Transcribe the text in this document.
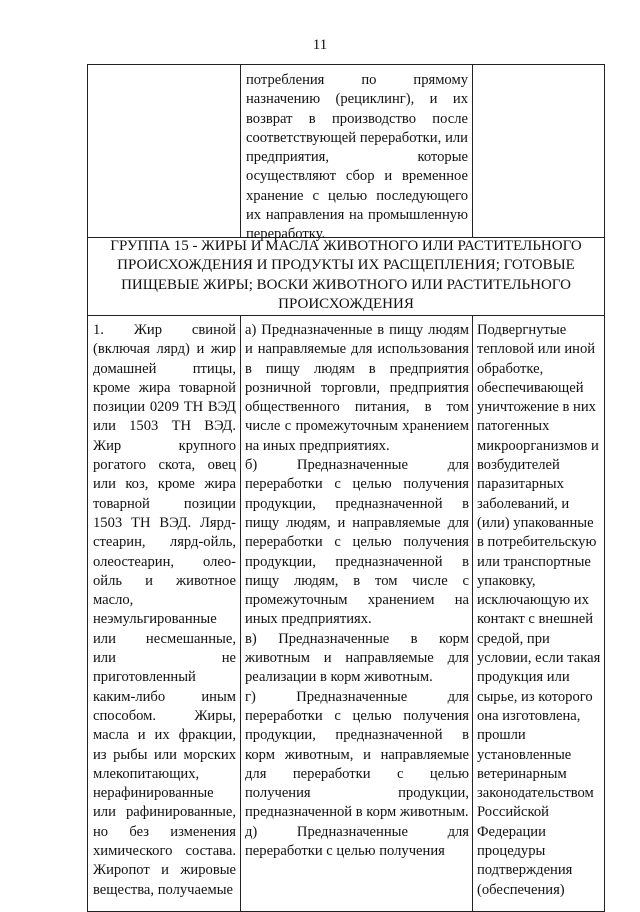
11
потребления по прямому назначению (рециклинг), и их возврат в производство после соответствующей переработки, или предприятия, которые осуществляют сбор и временное хранение с целью последующего их направления на промышленную переработку.
ГРУППА 15 - ЖИРЫ И МАСЛА ЖИВОТНОГО ИЛИ РАСТИТЕЛЬНОГО ПРОИСХОЖДЕНИЯ И ПРОДУКТЫ ИХ РАСЩЕПЛЕНИЯ; ГОТОВЫЕ ПИЩЕВЫЕ ЖИРЫ; ВОСКИ ЖИВОТНОГО ИЛИ РАСТИТЕЛЬНОГО ПРОИСХОЖДЕНИЯ
1. Жир свиной (включая лярд) и жир домашней птицы, кроме жира товарной позиции 0209 ТН ВЭД или 1503 ТН ВЭД. Жир крупного рогатого скота, овец или коз, кроме жира товарной позиции 1503 ТН ВЭД. Лярд-стеарин, лярд-ойль, олеостеарин, олео-ойль и животное масло, неэмульгированные или несмешанные, или не приготовленный каким-либо иным способом. Жиры, масла и их фракции, из рыбы или морских млекопитающих, нерафинированные или рафинированные, но без изменения химического состава. Жиропот и жировые вещества, получаемые
а) Предназначенные в пищу людям и направляемые для использования в пищу людям в предприятия розничной торговли, предприятия общественного питания, в том числе с промежуточным хранением на иных предприятиях.
б) Предназначенные для переработки с целью получения продукции, предназначенной в пищу людям, и направляемые для переработки с целью получения продукции, предназначенной в пищу людям, в том числе с промежуточным хранением на иных предприятиях.
в) Предназначенные в корм животным и направляемые для реализации в корм животным.
г) Предназначенные для переработки с целью получения продукции, предназначенной в корм животным, и направляемые для переработки с целью получения продукции, предназначенной в корм животным.
д) Предназначенные для переработки с целью получения
Подвергнутые тепловой или иной обработке, обеспечивающей уничтожение в них патогенных микроорганизмов и возбудителей паразитарных заболеваний, и (или) упакованные в потребительскую или транспортные упаковку, исключающую их контакт с внешней средой, при условии, если такая продукция или сырье, из которого она изготовлена, прошли установленные ветеринарным законодательством Российской Федерации процедуры подтверждения (обеспечения)
